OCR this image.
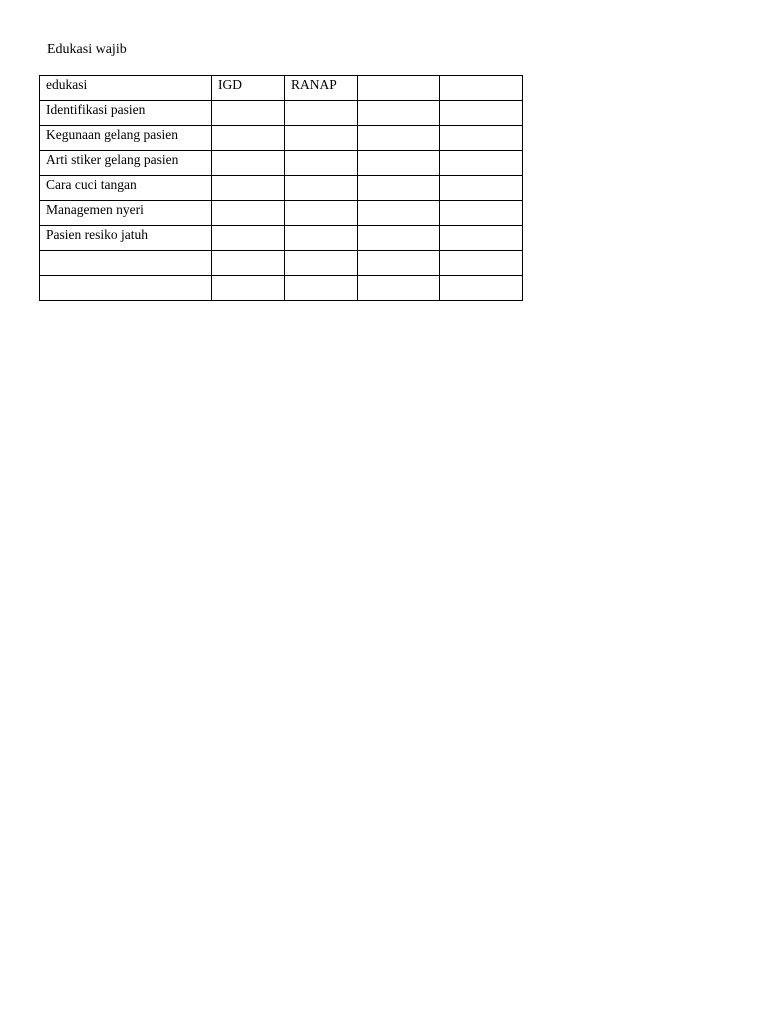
Edukasi wajib
edukasi	IGD	RANAP		
Identifikasi pasien				
Kegunaan gelang pasien				
Arti stiker gelang pasien				
Cara cuci tangan				
Managemen nyeri				
Pasien resiko jatuh				
